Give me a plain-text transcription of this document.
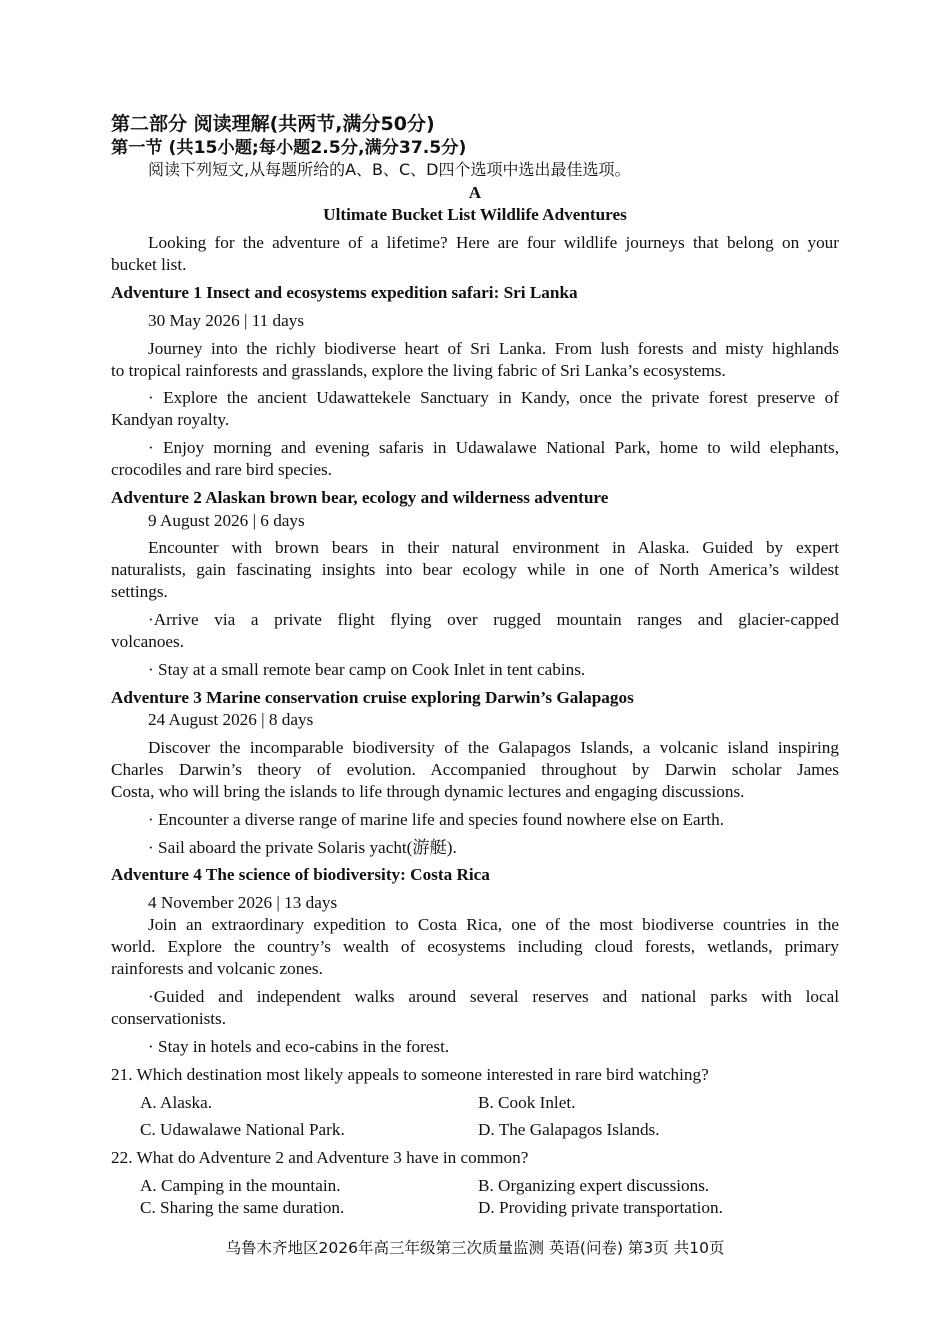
第二部分 阅读理解(共两节,满分50分)
第一节 (共15小题;每小题2.5分,满分37.5分)
阅读下列短文,从每题所给的A、B、C、D四个选项中选出最佳选项。
A
Ultimate Bucket List Wildlife Adventures
Looking for the adventure of a lifetime? Here are four wildlife journeys that belong on your
bucket list.
Adventure 1 Insect and ecosystems expedition safari: Sri Lanka
30 May 2026 | 11 days
Journey into the richly biodiverse heart of Sri Lanka. From lush forests and misty highlands
to tropical rainforests and grasslands, explore the living fabric of Sri Lanka’s ecosystems.
· Explore the ancient Udawattekele Sanctuary in Kandy, once the private forest preserve of
Kandyan royalty.
· Enjoy morning and evening safaris in Udawalawe National Park, home to wild elephants,
crocodiles and rare bird species.
Adventure 2 Alaskan brown bear, ecology and wilderness adventure
9 August 2026 | 6 days
Encounter with brown bears in their natural environment in Alaska. Guided by expert
naturalists, gain fascinating insights into bear ecology while in one of North America’s wildest
settings.
·Arrive via a private flight flying over rugged mountain ranges and glacier-capped
volcanoes.
· Stay at a small remote bear camp on Cook Inlet in tent cabins.
Adventure 3 Marine conservation cruise exploring Darwin’s Galapagos
24 August 2026 | 8 days
Discover the incomparable biodiversity of the Galapagos Islands, a volcanic island inspiring
Charles Darwin’s theory of evolution. Accompanied throughout by Darwin scholar James
Costa, who will bring the islands to life through dynamic lectures and engaging discussions.
· Encounter a diverse range of marine life and species found nowhere else on Earth.
· Sail aboard the private Solaris yacht(游艇).
Adventure 4 The science of biodiversity: Costa Rica
4 November 2026 | 13 days
Join an extraordinary expedition to Costa Rica, one of the most biodiverse countries in the
world. Explore the country’s wealth of ecosystems including cloud forests, wetlands, primary
rainforests and volcanic zones.
·Guided and independent walks around several reserves and national parks with local
conservationists.
· Stay in hotels and eco-cabins in the forest.
21. Which destination most likely appeals to someone interested in rare bird watching?
A. Alaska.	B. Cook Inlet.
C. Udawalawe National Park.	D. The Galapagos Islands.
22. What do Adventure 2 and Adventure 3 have in common?
A. Camping in the mountain.	B. Organizing expert discussions.
C. Sharing the same duration.	D. Providing private transportation.
乌鲁木齐地区2026年高三年级第三次质量监测 英语(问卷) 第3页 共10页
